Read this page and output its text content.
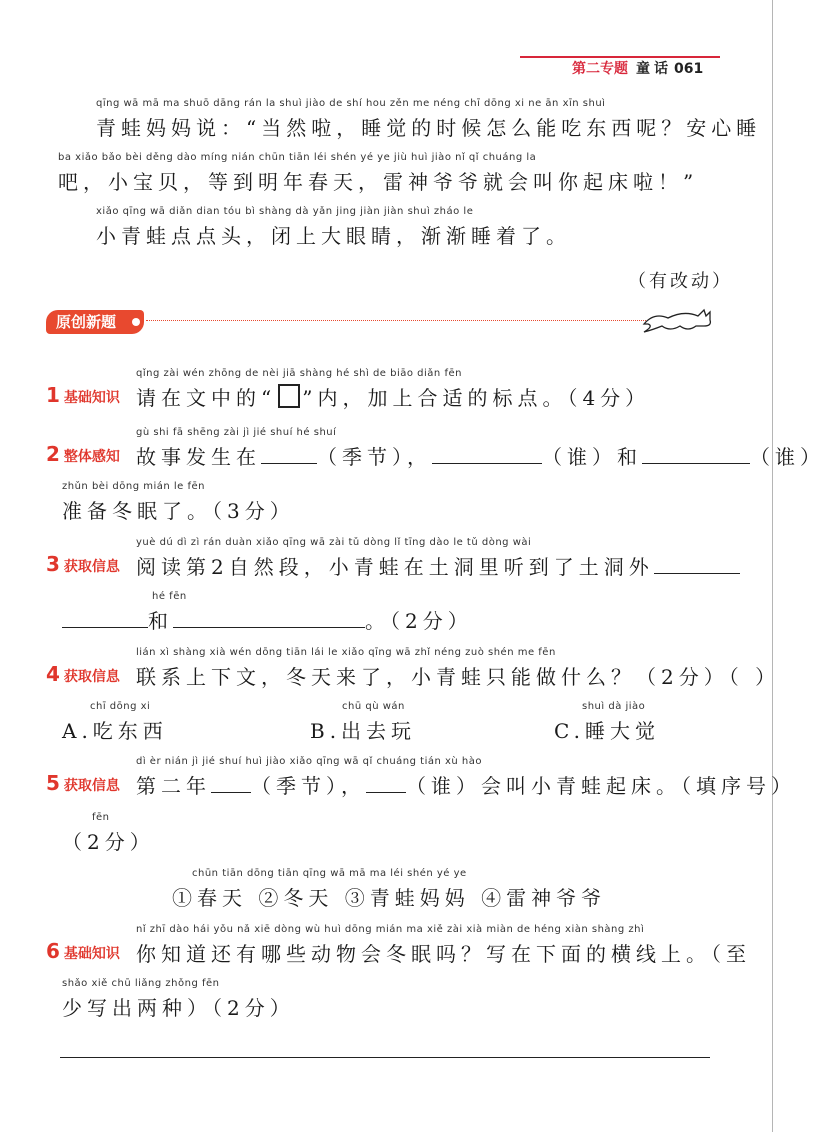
第二专题 童话 061
qīng wā mā ma shuō dāng rán la shuì jiào de shí hou zěn me néng chī dōng xi ne ān xīn shuì
青蛙妈妈说：“当然啦，睡觉的时候怎么能吃东西呢？安心睡
ba xiǎo bǎo bèi děng dào míng nián chūn tiān léi shén yé ye jiù huì jiào nǐ qǐ chuáng la
吧，小宝贝，等到明年春天，雷神爷爷就会叫你起床啦！”
xiǎo qīng wā diǎn dian tóu bì shàng dà yǎn jing jiàn jiàn shuì zháo le
小青蛙点点头，闭上大眼睛，渐渐睡着了。
（有改动）
原创新题
1 基础知识
qǐng zài wén zhōng de nèi jiā shàng hé shì de biāo diǎn fēn
请在文中的“ ”内，加上合适的标点。（4分）
2 整体感知
gù shi fā shēng zài jì jié shuí hé shuí
故事发生在	（季节），	（谁）和	（谁）
zhǔn bèi dōng mián le fēn
准备冬眠了。（3分）
3 获取信息
yuè dú dì zì rán duàn xiǎo qīng wā zài tǔ dòng lǐ tīng dào le tǔ dòng wài
阅读第2自然段，小青蛙在土洞里听到了土洞外
hé fēn
和	。（2分）
4 获取信息
lián xì shàng xià wén dōng tiān lái le xiǎo qīng wā zhǐ néng zuò shén me fēn
联系上下文，冬天来了，小青蛙只能做什么？（2分）（ ）
chī dōng xi
A.吃东西
chū qù wán
B.出去玩
shuì dà jiào
C.睡大觉
5 获取信息
dì èr nián jì jié shuí huì jiào xiǎo qīng wā qǐ chuáng tián xù hào
第二年 （季节）， （谁）会叫小青蛙起床。（填序号）
fēn
（2分）
chūn tiān dōng tiān qīng wā mā ma léi shén yé ye
①春天 ②冬天 ③青蛙妈妈 ④雷神爷爷
6 基础知识
nǐ zhī dào hái yǒu nǎ xiē dòng wù huì dōng mián ma xiě zài xià miàn de héng xiàn shàng zhì
你知道还有哪些动物会冬眠吗？写在下面的横线上。（至
shǎo xiě chū liǎng zhǒng fēn
少写出两种）（2分）
